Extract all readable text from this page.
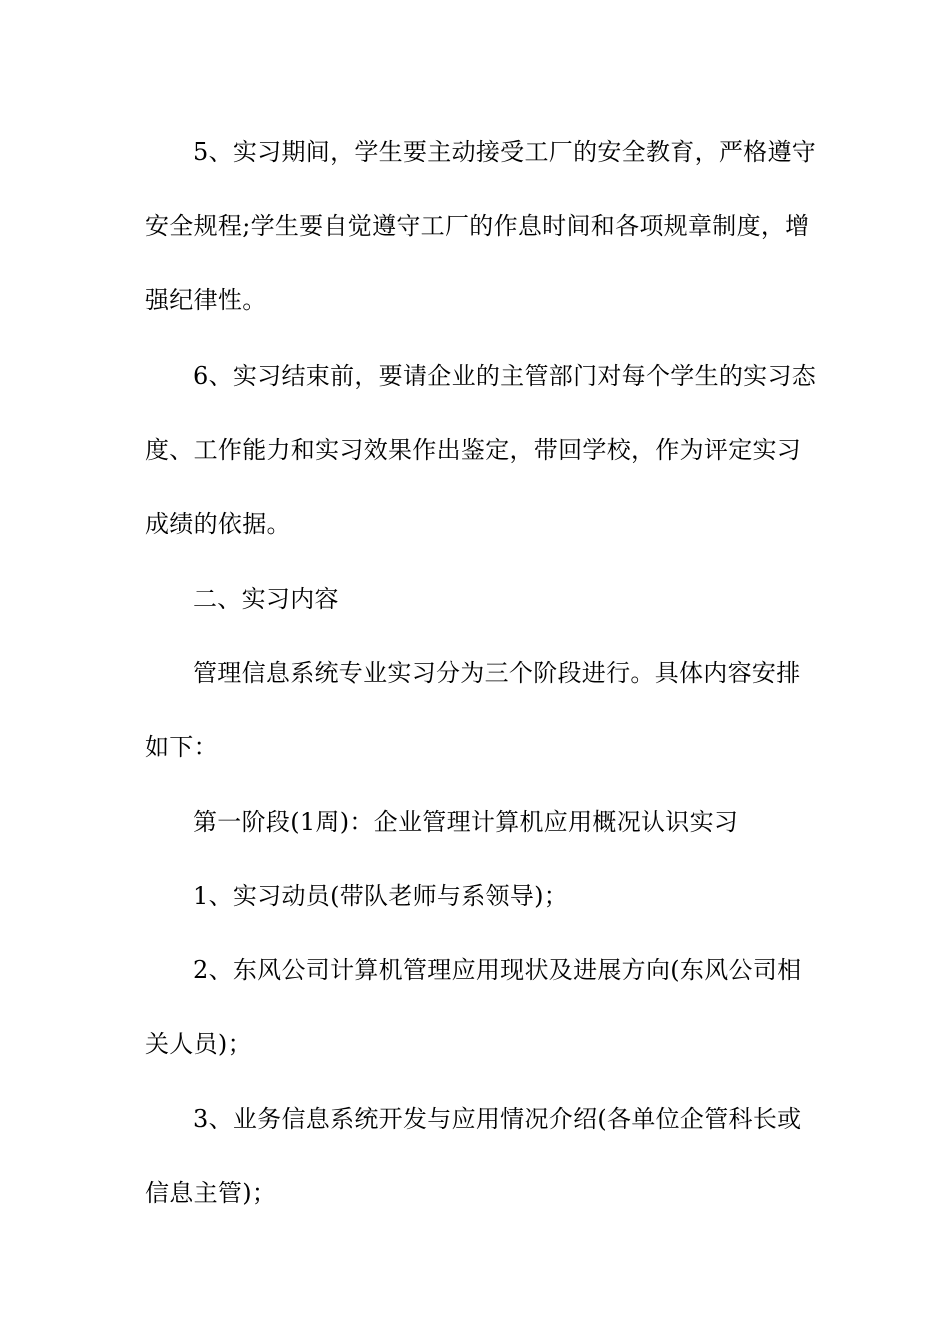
5、实习期间，学生要主动接受工厂的安全教育，严格遵守
安全规程;学生要自觉遵守工厂的作息时间和各项规章制度，增
强纪律性。
6、实习结束前，要请企业的主管部门对每个学生的实习态
度、工作能力和实习效果作出鉴定，带回学校，作为评定实习
成绩的依据。
二、实习内容
管理信息系统专业实习分为三个阶段进行。具体内容安排
如下：
第一阶段(1周)：企业管理计算机应用概况认识实习
1、实习动员(带队老师与系领导)；
2、东风公司计算机管理应用现状及进展方向(东风公司相
关人员)；
3、业务信息系统开发与应用情况介绍(各单位企管科长或
信息主管)；
